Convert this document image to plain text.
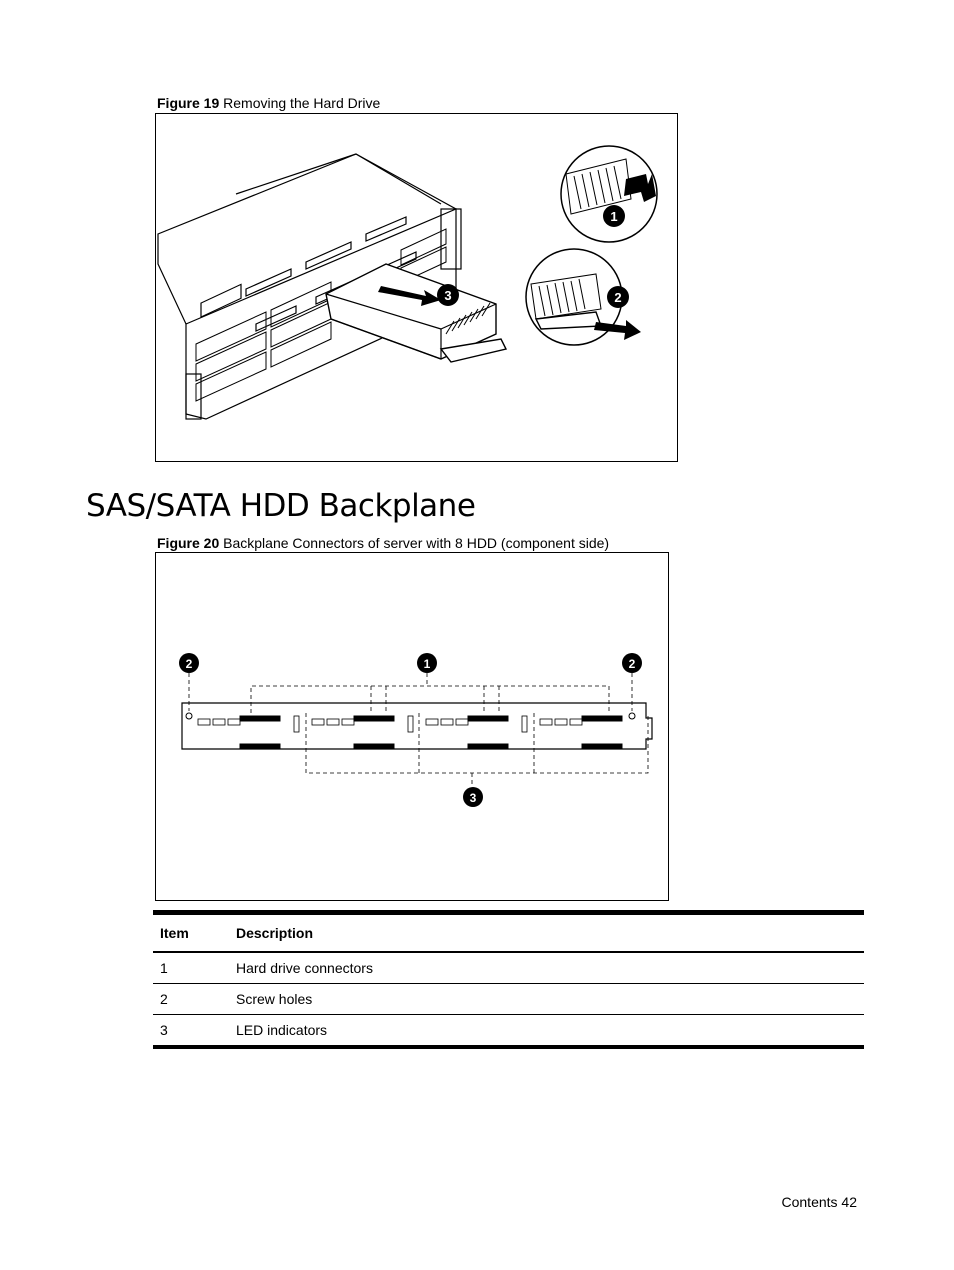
Figure 19 Removing the Hard Drive
1
2
3
SAS/SATA HDD Backplane
Figure 20 Backplane Connectors of server with 8 HDD (component side)
2	1	2
3
Item	Description
1	Hard drive connectors
2	Screw holes
3	LED indicators
Contents 42
